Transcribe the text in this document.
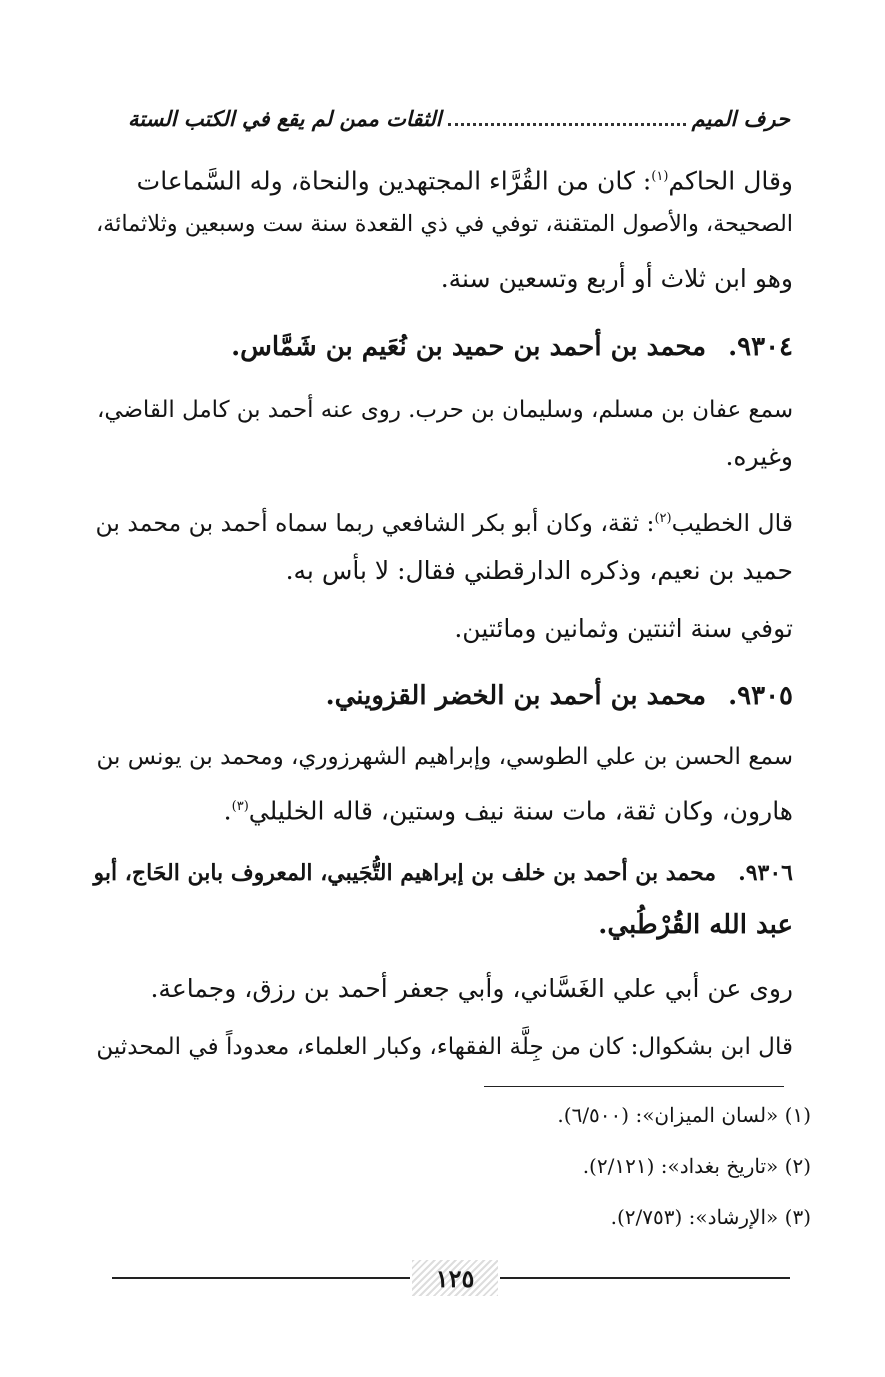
حرف الميم
الثقات ممن لم يقع في الكتب الستة
وقال الحاكم$^{(١)}$: كان من القُرَّاء المجتهدين والنحاة، وله السَّماعات
الصحيحة، والأصول المتقنة، توفي في ذي القعدة سنة ست وسبعين وثلاثمائة،
وهو ابن ثلاث أو أربع وتسعين سنة.
٩٣٠٤.محمد بن أحمد بن حميد بن نُعَيم بن شَمَّاس.
سمع عفان بن مسلم، وسليمان بن حرب. روى عنه أحمد بن كامل القاضي،
وغيره.
قال الخطيب$^{(٢)}$: ثقة، وكان أبو بكر الشافعي ربما سماه أحمد بن محمد بن
حميد بن نعيم، وذكره الدارقطني فقال: لا بأس به.
توفي سنة اثنتين وثمانين ومائتين.
٩٣٠٥.محمد بن أحمد بن الخضر القزويني.
سمع الحسن بن علي الطوسي، وإبراهيم الشهرزوري، ومحمد بن يونس بن
هارون، وكان ثقة، مات سنة نيف وستين، قاله الخليلي$^{(٣)}$.
٩٣٠٦.محمد بن أحمد بن خلف بن إبراهيم التُّجَيبي، المعروف بابن الحَاج، أبو
عبد الله القُرْطُبي.
روى عن أبي علي الغَسَّاني، وأبي جعفر أحمد بن رزق، وجماعة.
قال ابن بشكوال: كان من جِلَّة الفقهاء، وكبار العلماء، معدوداً في المحدثين
(١) «لسان الميزان»: (٦/٥٠٠).
(٢) «تاريخ بغداد»: (٢/١٢١).
(٣) «الإرشاد»: (٢/٧٥٣).
١٢٥
